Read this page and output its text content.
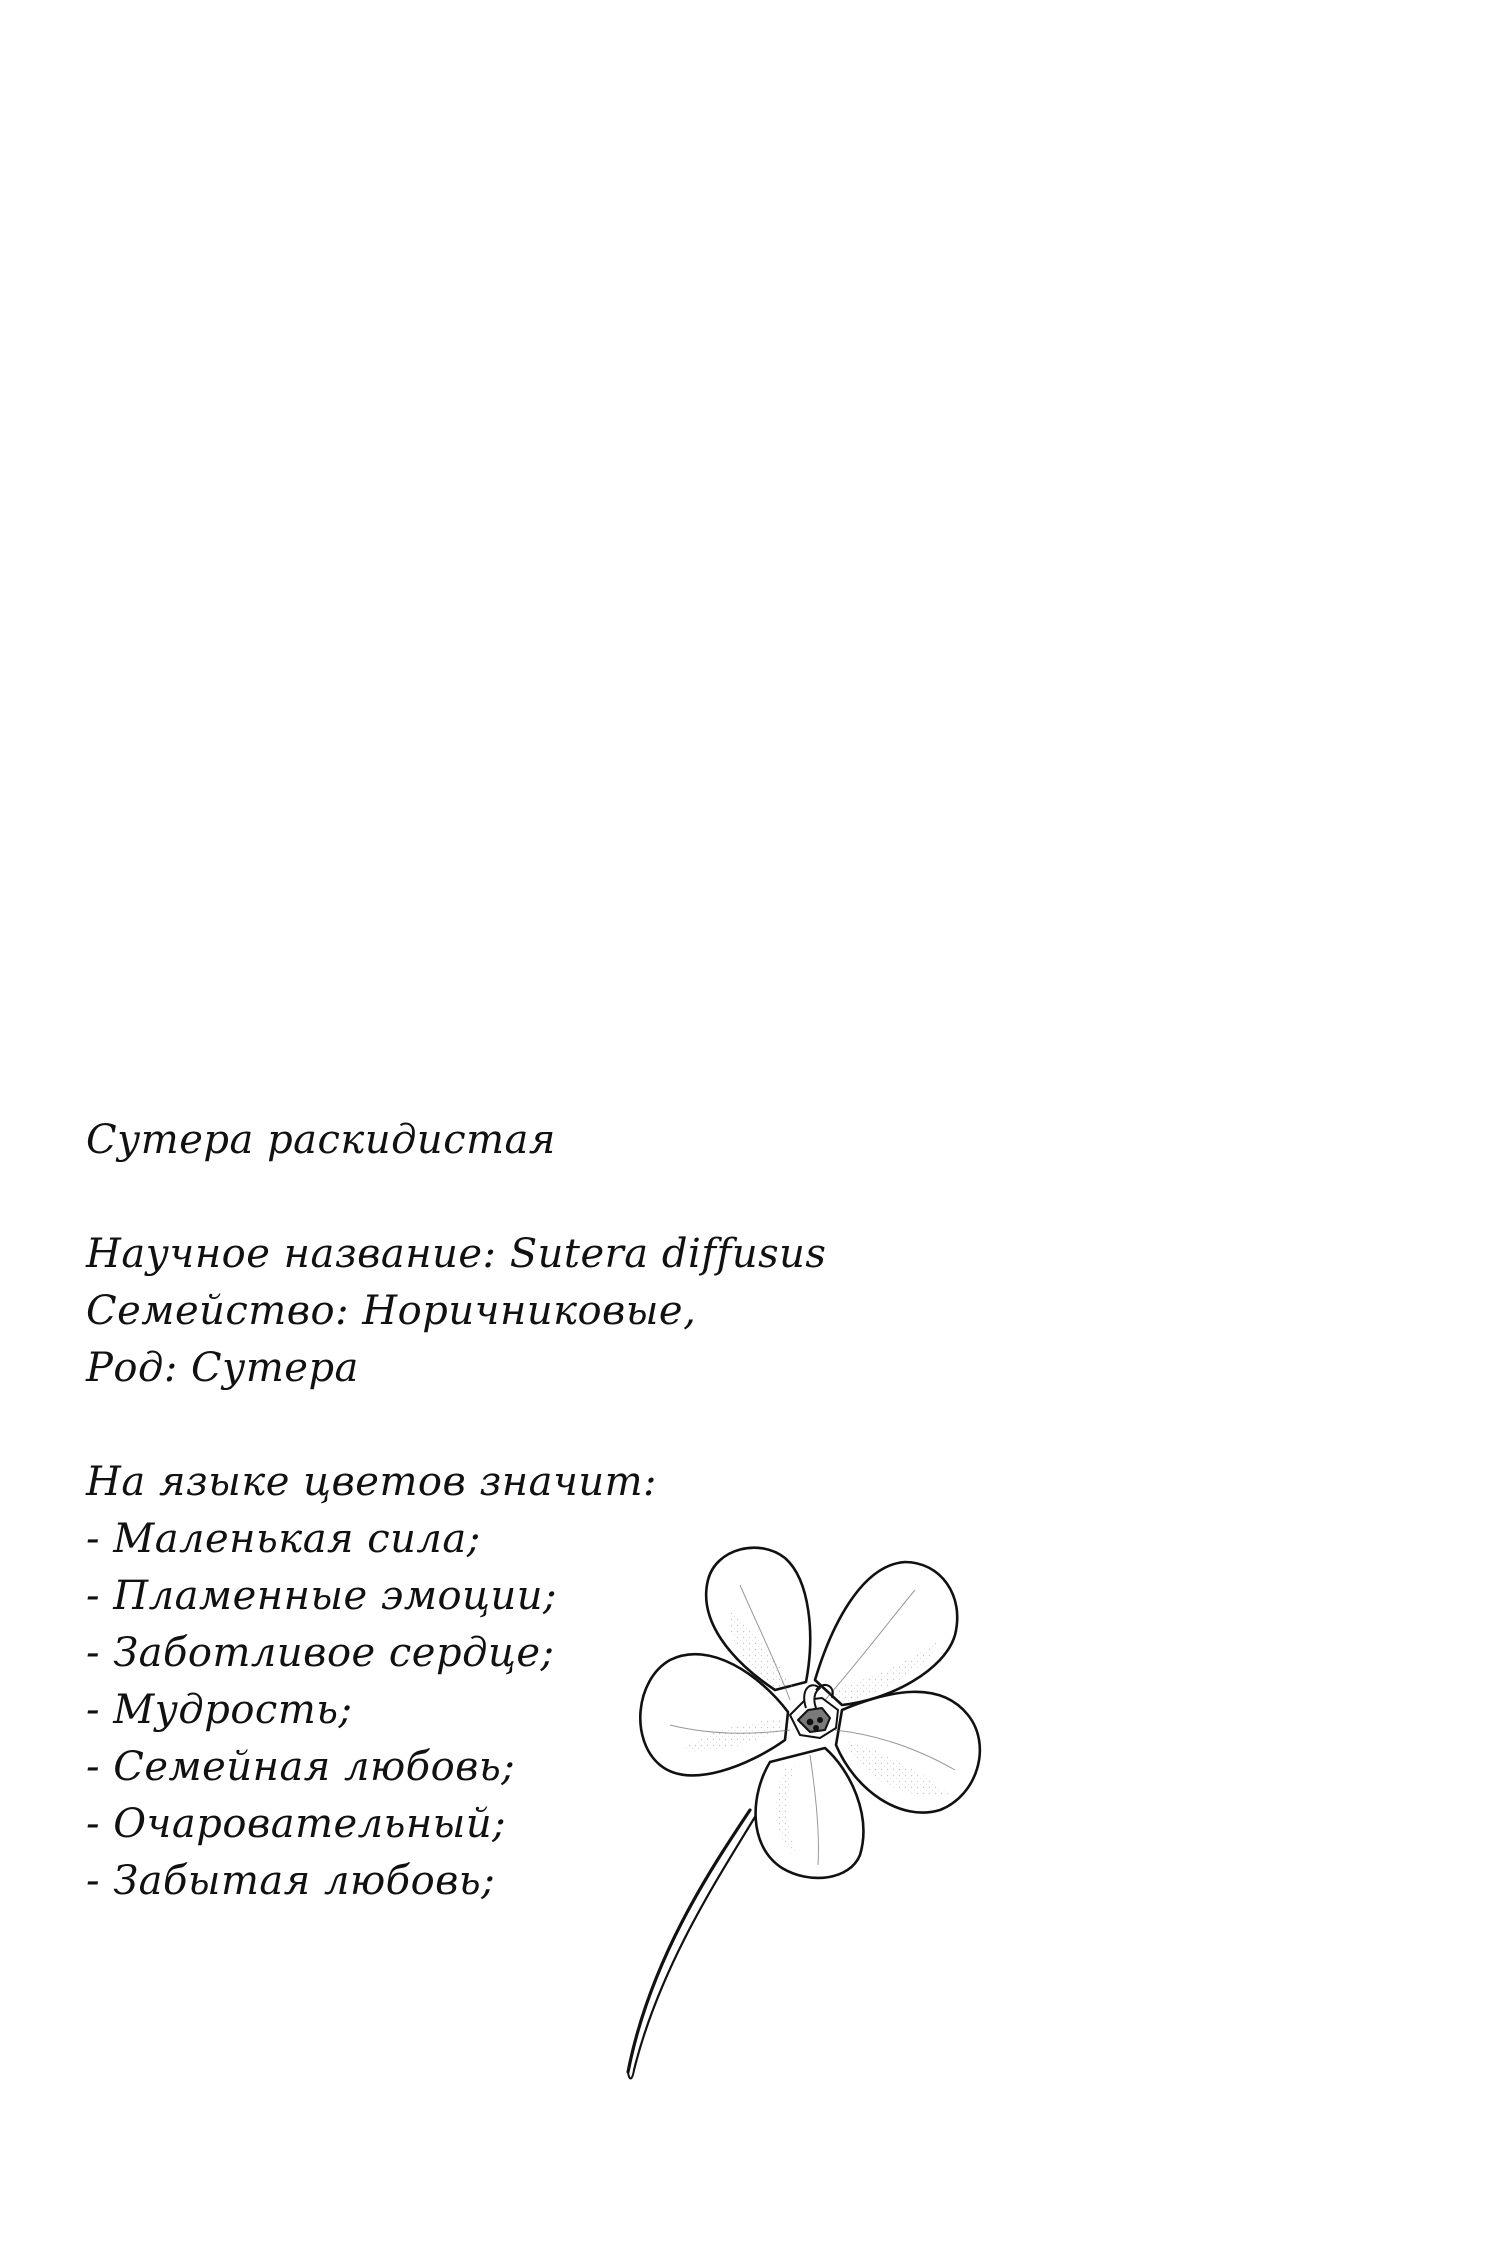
Сутера раскидистая
Научное название: Sutera diffusus
Семейство: Норичниковые,
Род: Сутера
На языке цветов значит:
- Маленькая сила;
- Пламенные эмоции;
- Заботливое сердце;
- Мудрость;
- Семейная любовь;
- Очаровательный;
- Забытая любовь;
